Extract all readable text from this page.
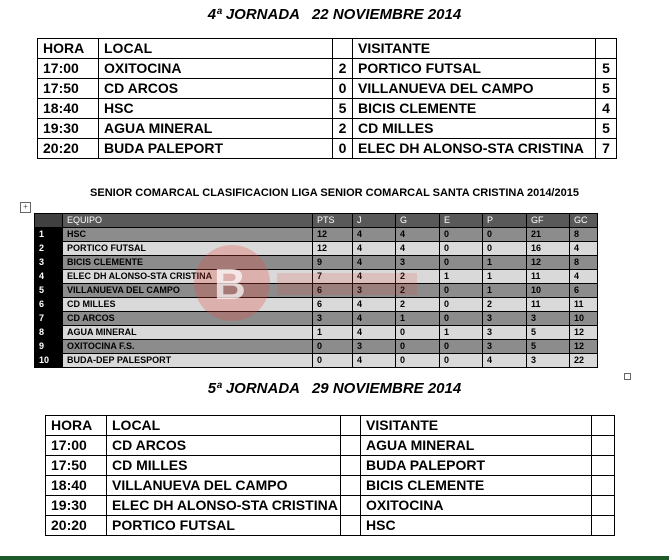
4ª JORNADA   22 NOVIEMBRE 2014
HORA	LOCAL		VISITANTE	
17:00	OXITOCINA	2	PORTICO FUTSAL	5
17:50	CD ARCOS	0	VILLANUEVA DEL CAMPO	5
18:40	HSC	5	BICIS CLEMENTE	4
19:30	AGUA MINERAL	2	CD MILLES	5
20:20	BUDA PALEPORT	0	ELEC DH ALONSO-STA CRISTINA	7
SENIOR COMARCAL CLASIFICACION LIGA SENIOR COMARCAL SANTA CRISTINA 2014/2015
+
	EQUIPO	PTS	J	G	E	P	GF	GC
1	HSC	12	4	4	0	0	21	8
2	PORTICO FUTSAL	12	4	4	0	0	16	4
3	BICIS CLEMENTE	9	4	3	0	1	12	8
4	ELEC DH ALONSO-STA CRISTINA	7	4	2	1	1	11	4
5	VILLANUEVA DEL CAMPO	6	3	2	0	1	10	6
6	CD MILLES	6	4	2	0	2	11	11
7	CD ARCOS	3	4	1	0	3	3	10
8	AGUA MINERAL	1	4	0	1	3	5	12
9	OXITOCINA F.S.	0	3	0	0	3	5	12
10	BUDA-DEP PALESPORT	0	4	0	0	4	3	22
B
5ª JORNADA   29 NOVIEMBRE 2014
HORA	LOCAL		VISITANTE	
17:00	CD ARCOS		AGUA MINERAL	
17:50	CD MILLES		BUDA PALEPORT	
18:40	VILLANUEVA DEL CAMPO		BICIS CLEMENTE	
19:30	ELEC DH ALONSO-STA CRISTINA		OXITOCINA	
20:20	PORTICO FUTSAL		HSC	
